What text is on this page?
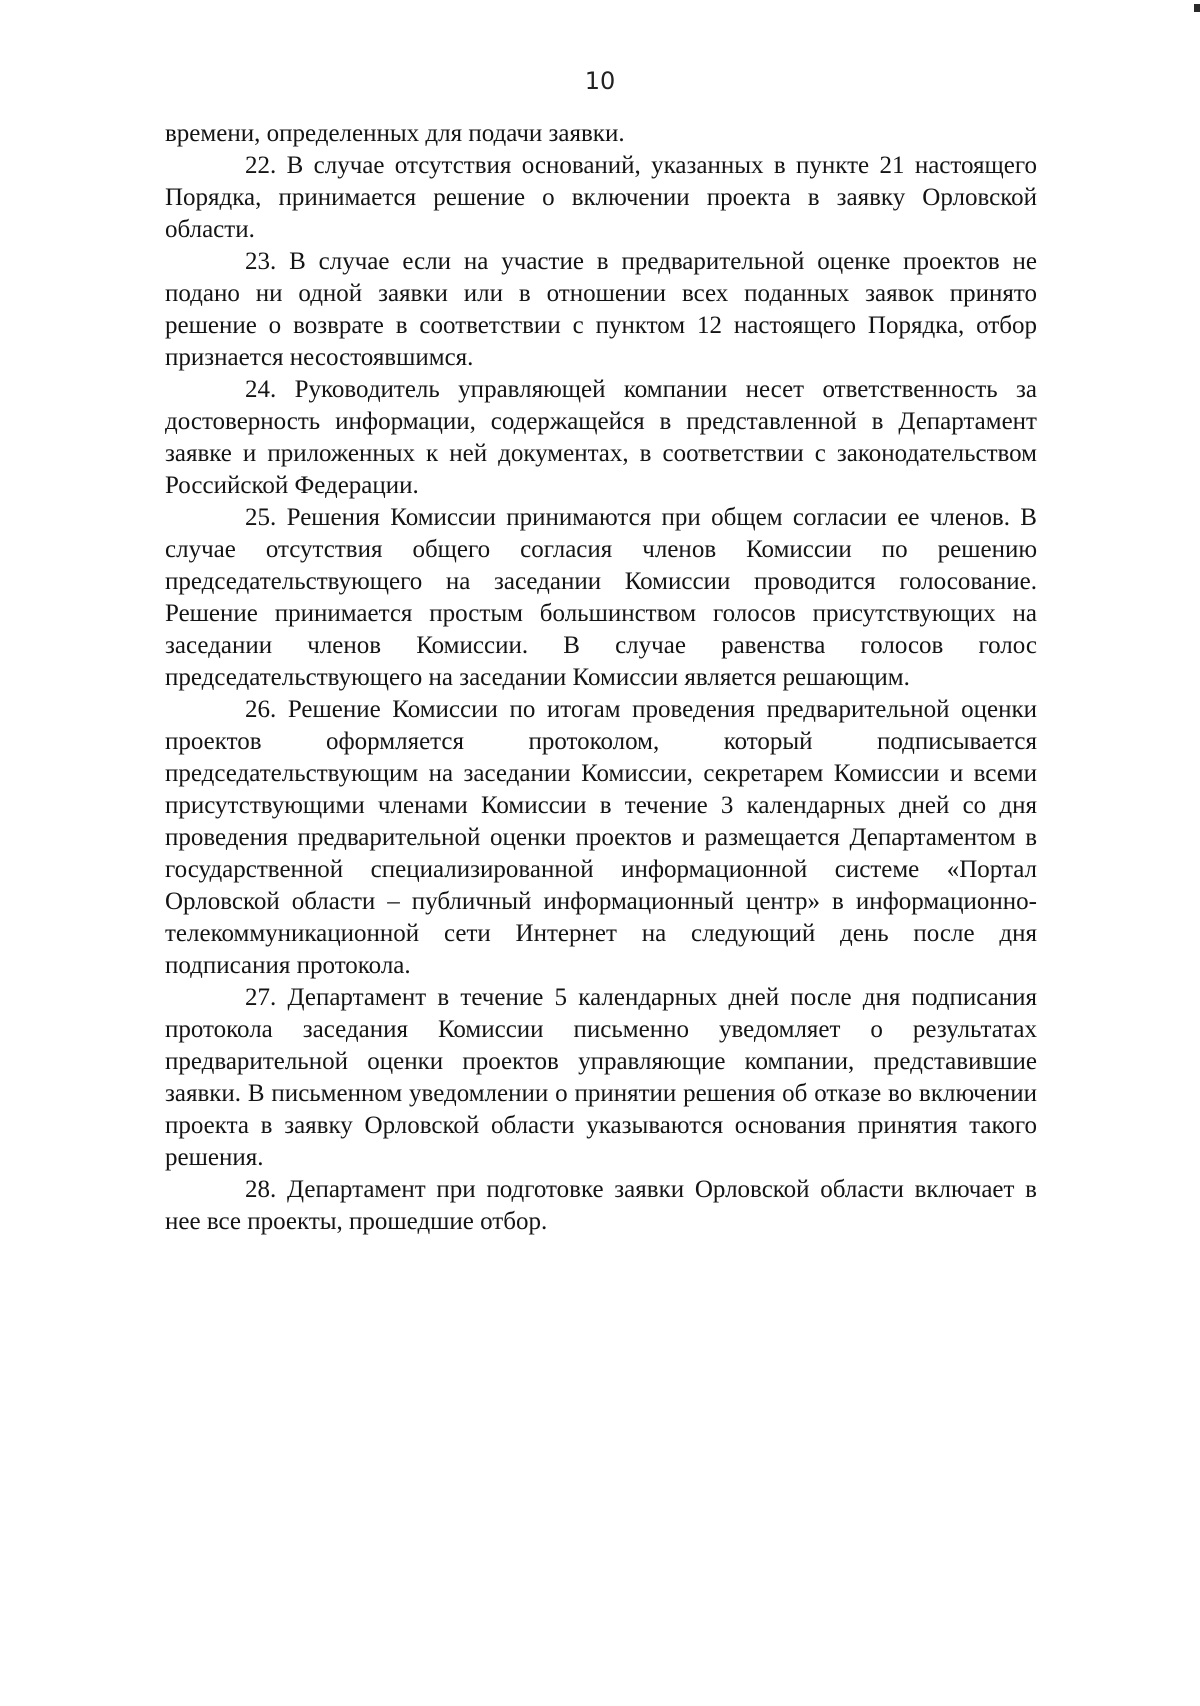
10

времени, определенных для подачи заявки.

22. В случае отсутствия оснований, указанных в пункте 21 настоящего Порядка, принимается решение о включении проекта в заявку Орловской области.

23. В случае если на участие в предварительной оценке проектов не подано ни одной заявки или в отношении всех поданных заявок принято решение о возврате в соответствии с пунктом 12 настоящего Порядка, отбор признается несостоявшимся.

24. Руководитель управляющей компании несет ответственность за достоверность информации, содержащейся в представленной в Департамент заявке и приложенных к ней документах, в соответствии с законодательством Российской Федерации.

25. Решения Комиссии принимаются при общем согласии ее членов. В случае отсутствия общего согласия членов Комиссии по решению председательствующего на заседании Комиссии проводится голосование. Решение принимается простым большинством голосов присутствующих на заседании членов Комиссии. В случае равенства голосов голос председательствующего на заседании Комиссии является решающим.

26. Решение Комиссии по итогам проведения предварительной оценки проектов оформляется протоколом, который подписывается председательствующим на заседании Комиссии, секретарем Комиссии и всеми присутствующими членами Комиссии в течение 3 календарных дней со дня проведения предварительной оценки проектов и размещается Департаментом в государственной специализированной информационной системе «Портал Орловской области – публичный информационный центр» в информационно-телекоммуникационной сети Интернет на следующий день после дня подписания протокола.

27. Департамент в течение 5 календарных дней после дня подписания протокола заседания Комиссии письменно уведомляет о результатах предварительной оценки проектов управляющие компании, представившие заявки. В письменном уведомлении о принятии решения об отказе во включении проекта в заявку Орловской области указываются основания принятия такого решения.

28. Департамент при подготовке заявки Орловской области включает в нее все проекты, прошедшие отбор.
